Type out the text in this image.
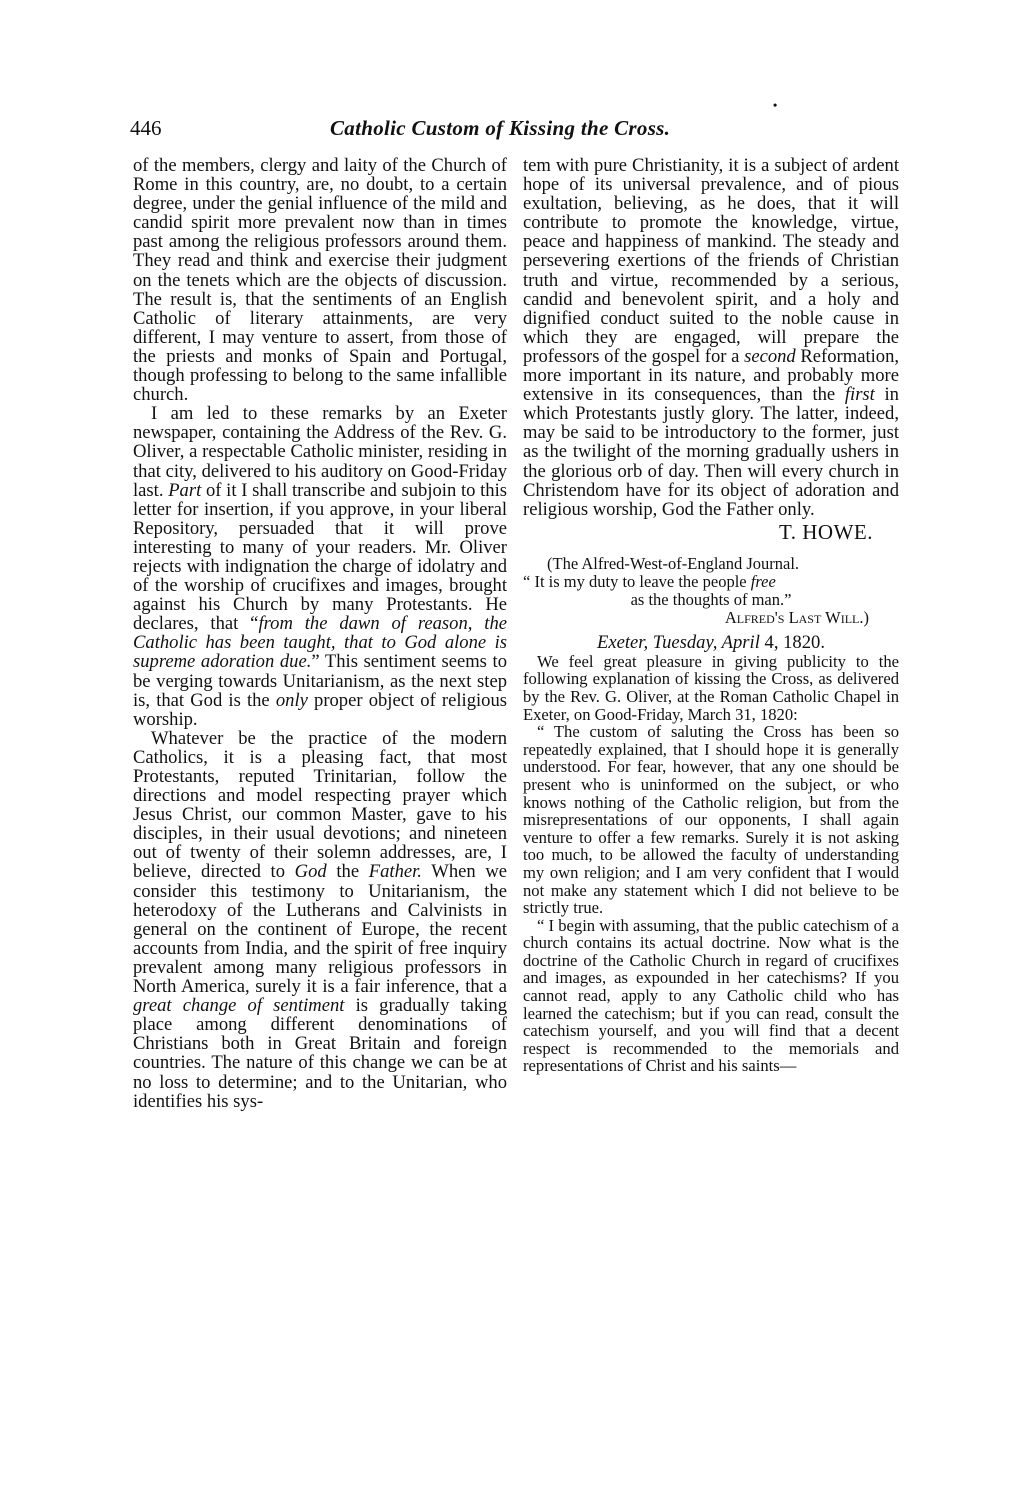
•
446	Catholic Custom of Kissing the Cross.

of the members, clergy and laity of the Church of Rome in this country, are, no doubt, to a certain degree, under the genial influence of the mild and candid spirit more prevalent now than in times past among the religious professors around them. They read and think and exercise their judgment on the tenets which are the objects of discussion. The result is, that the sentiments of an English Catholic of literary attainments, are very different, I may venture to assert, from those of the priests and monks of Spain and Portugal, though professing to belong to the same infallible church.

I am led to these remarks by an Exeter newspaper, containing the Address of the Rev. G. Oliver, a respectable Catholic minister, residing in that city, delivered to his auditory on Good-Friday last. Part of it I shall transcribe and subjoin to this letter for insertion, if you approve, in your liberal Repository, persuaded that it will prove interesting to many of your readers. Mr. Oliver rejects with indignation the charge of idolatry and of the worship of crucifixes and images, brought against his Church by many Protestants. He declares, that “from the dawn of reason, the Catholic has been taught, that to God alone is supreme adoration due.” This sentiment seems to be verging towards Unitarianism, as the next step is, that God is the only proper object of religious worship.

Whatever be the practice of the modern Catholics, it is a pleasing fact, that most Protestants, reputed Trinitarian, follow the directions and model respecting prayer which Jesus Christ, our common Master, gave to his disciples, in their usual devotions; and nineteen out of twenty of their solemn addresses, are, I believe, directed to God the Father. When we consider this testimony to Unitarianism, the heterodoxy of the Lutherans and Calvinists in general on the continent of Europe, the recent accounts from India, and the spirit of free inquiry prevalent among many religious professors in North America, surely it is a fair inference, that a great change of sentiment is gradually taking place among different denominations of Christians both in Great Britain and foreign countries. The nature of this change we can be at no loss to determine; and to the Unitarian, who identifies his sys-

tem with pure Christianity, it is a subject of ardent hope of its universal prevalence, and of pious exultation, believing, as he does, that it will contribute to promote the knowledge, virtue, peace and happiness of mankind. The steady and persevering exertions of the friends of Christian truth and virtue, recommended by a serious, candid and benevolent spirit, and a holy and dignified conduct suited to the noble cause in which they are engaged, will prepare the professors of the gospel for a second Reformation, more important in its nature, and probably more extensive in its consequences, than the first in which Protestants justly glory. The latter, indeed, may be said to be introductory to the former, just as the twilight of the morning gradually ushers in the glorious orb of day. Then will every church in Christendom have for its object of adoration and religious worship, God the Father only.

T. HOWE.
(The Alfred-West-of-England Journal.
“ It is my duty to leave the people free
as the thoughts of man.”
Alfred's Last Will.)
Exeter, Tuesday, April 4, 1820.

We feel great pleasure in giving publicity to the following explanation of kissing the Cross, as delivered by the Rev. G. Oliver, at the Roman Catholic Chapel in Exeter, on Good-Friday, March 31, 1820:

“ The custom of saluting the Cross has been so repeatedly explained, that I should hope it is generally understood. For fear, however, that any one should be present who is uninformed on the subject, or who knows nothing of the Catholic religion, but from the misrepresentations of our opponents, I shall again venture to offer a few remarks. Surely it is not asking too much, to be allowed the faculty of understanding my own religion; and I am very confident that I would not make any statement which I did not believe to be strictly true.

“ I begin with assuming, that the public catechism of a church contains its actual doctrine. Now what is the doctrine of the Catholic Church in regard of crucifixes and images, as expounded in her catechisms? If you cannot read, apply to any Catholic child who has learned the catechism; but if you can read, consult the catechism yourself, and you will find that a decent respect is recommended to the memorials and representations of Christ and his saints—
